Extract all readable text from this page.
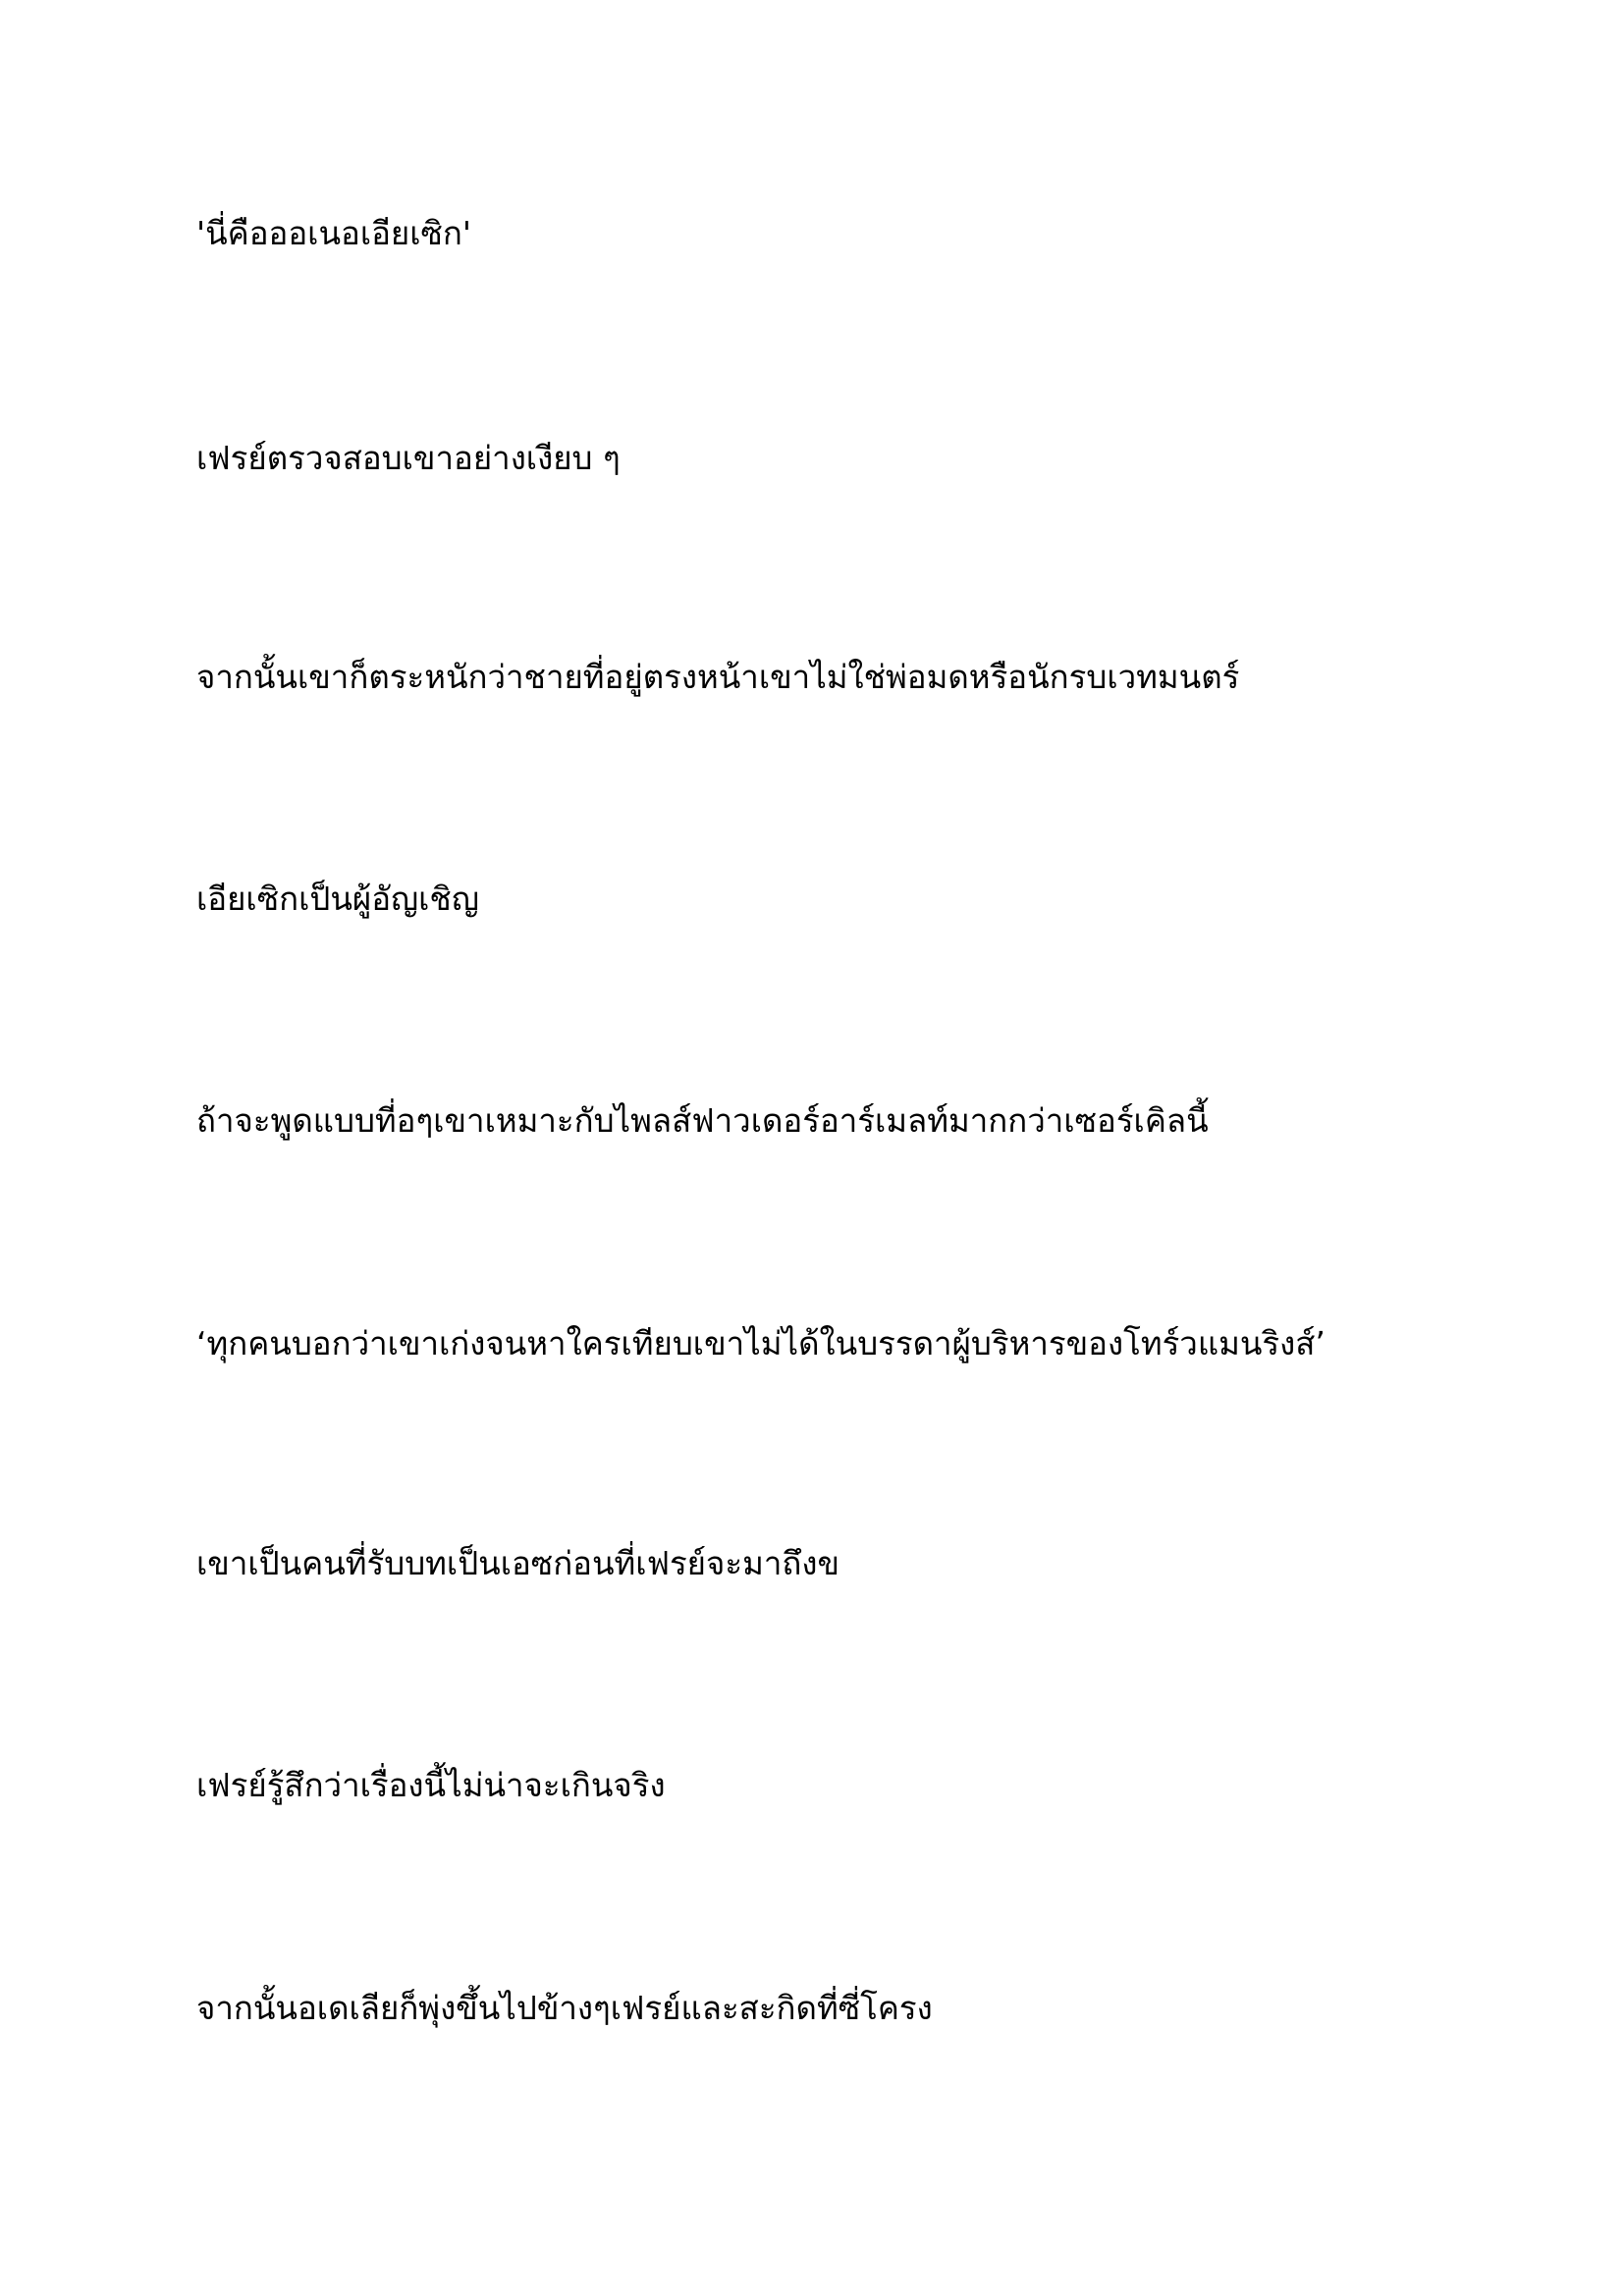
'นี่คือออเนอเอียเซิก'

เฟรย์ตรวจสอบเขาอย่างเงียบ ๆ

จากนั้นเขาก็ตระหนักว่าชายที่อยู่ตรงหน้าเขาไม่ใช่พ่อมดหรือนักรบเวทมนตร์

เอียเซิกเป็นผู้อัญเชิญ

ถ้าจะพูดแบบที่อๆเขาเหมาะกับไพลส์ฟาวเดอร์อาร์เมลท์มากกว่าเซอร์เคิลนี้

‘ทุกคนบอกว่าเขาเก่งจนหาใครเทียบเขาไม่ได้ในบรรดาผู้บริหารของโทร์วแมนริงส์’

เขาเป็นคนที่รับบทเป็นเอซก่อนที่เฟรย์จะมาถึงข

เฟรย์รู้สึกว่าเรื่องนี้ไม่น่าจะเกินจริง

จากนั้นอเดเลียก็พุ่งขึ้นไปข้างๆเฟรย์และสะกิดที่ซี่โครง
